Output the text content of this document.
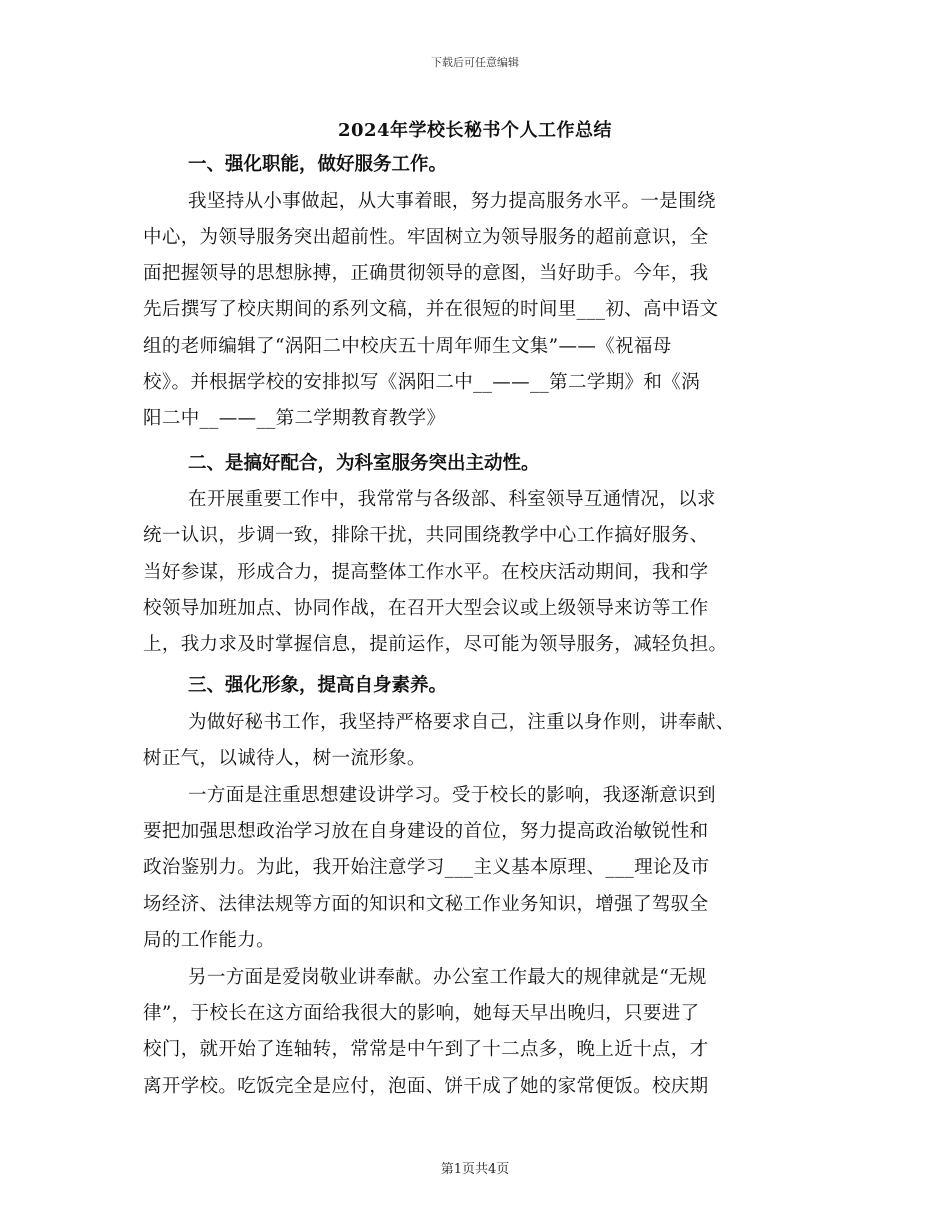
下载后可任意编辑
2024年学校长秘书个人工作总结
一、强化职能，做好服务工作。
我坚持从小事做起，从大事着眼，努力提高服务水平。一是围绕
中心，为领导服务突出超前性。牢固树立为领导服务的超前意识，全
面把握领导的思想脉搏，正确贯彻领导的意图，当好助手。今年，我
先后撰写了校庆期间的系列文稿，并在很短的时间里___初、高中语文
组的老师编辑了“涡阳二中校庆五十周年师生文集”——《祝福母
校》。并根据学校的安排拟写《涡阳二中__——__第二学期》和《涡
阳二中__——__第二学期教育教学》
二、是搞好配合，为科室服务突出主动性。
在开展重要工作中，我常常与各级部、科室领导互通情况，以求
统一认识，步调一致，排除干扰，共同围绕教学中心工作搞好服务、
当好参谋，形成合力，提高整体工作水平。在校庆活动期间，我和学
校领导加班加点、协同作战，在召开大型会议或上级领导来访等工作
上，我力求及时掌握信息，提前运作，尽可能为领导服务，减轻负担。
三、强化形象，提高自身素养。
为做好秘书工作，我坚持严格要求自己，注重以身作则，讲奉献、
树正气，以诚待人，树一流形象。
一方面是注重思想建设讲学习。受于校长的影响，我逐渐意识到
要把加强思想政治学习放在自身建设的首位，努力提高政治敏锐性和
政治鉴别力。为此，我开始注意学习___主义基本原理、___理论及市
场经济、法律法规等方面的知识和文秘工作业务知识，增强了驾驭全
局的工作能力。
另一方面是爱岗敬业讲奉献。办公室工作最大的规律就是“无规
律”，于校长在这方面给我很大的影响，她每天早出晚归，只要进了
校门，就开始了连轴转，常常是中午到了十二点多，晚上近十点，才
离开学校。吃饭完全是应付，泡面、饼干成了她的家常便饭。校庆期
第1页共4页
